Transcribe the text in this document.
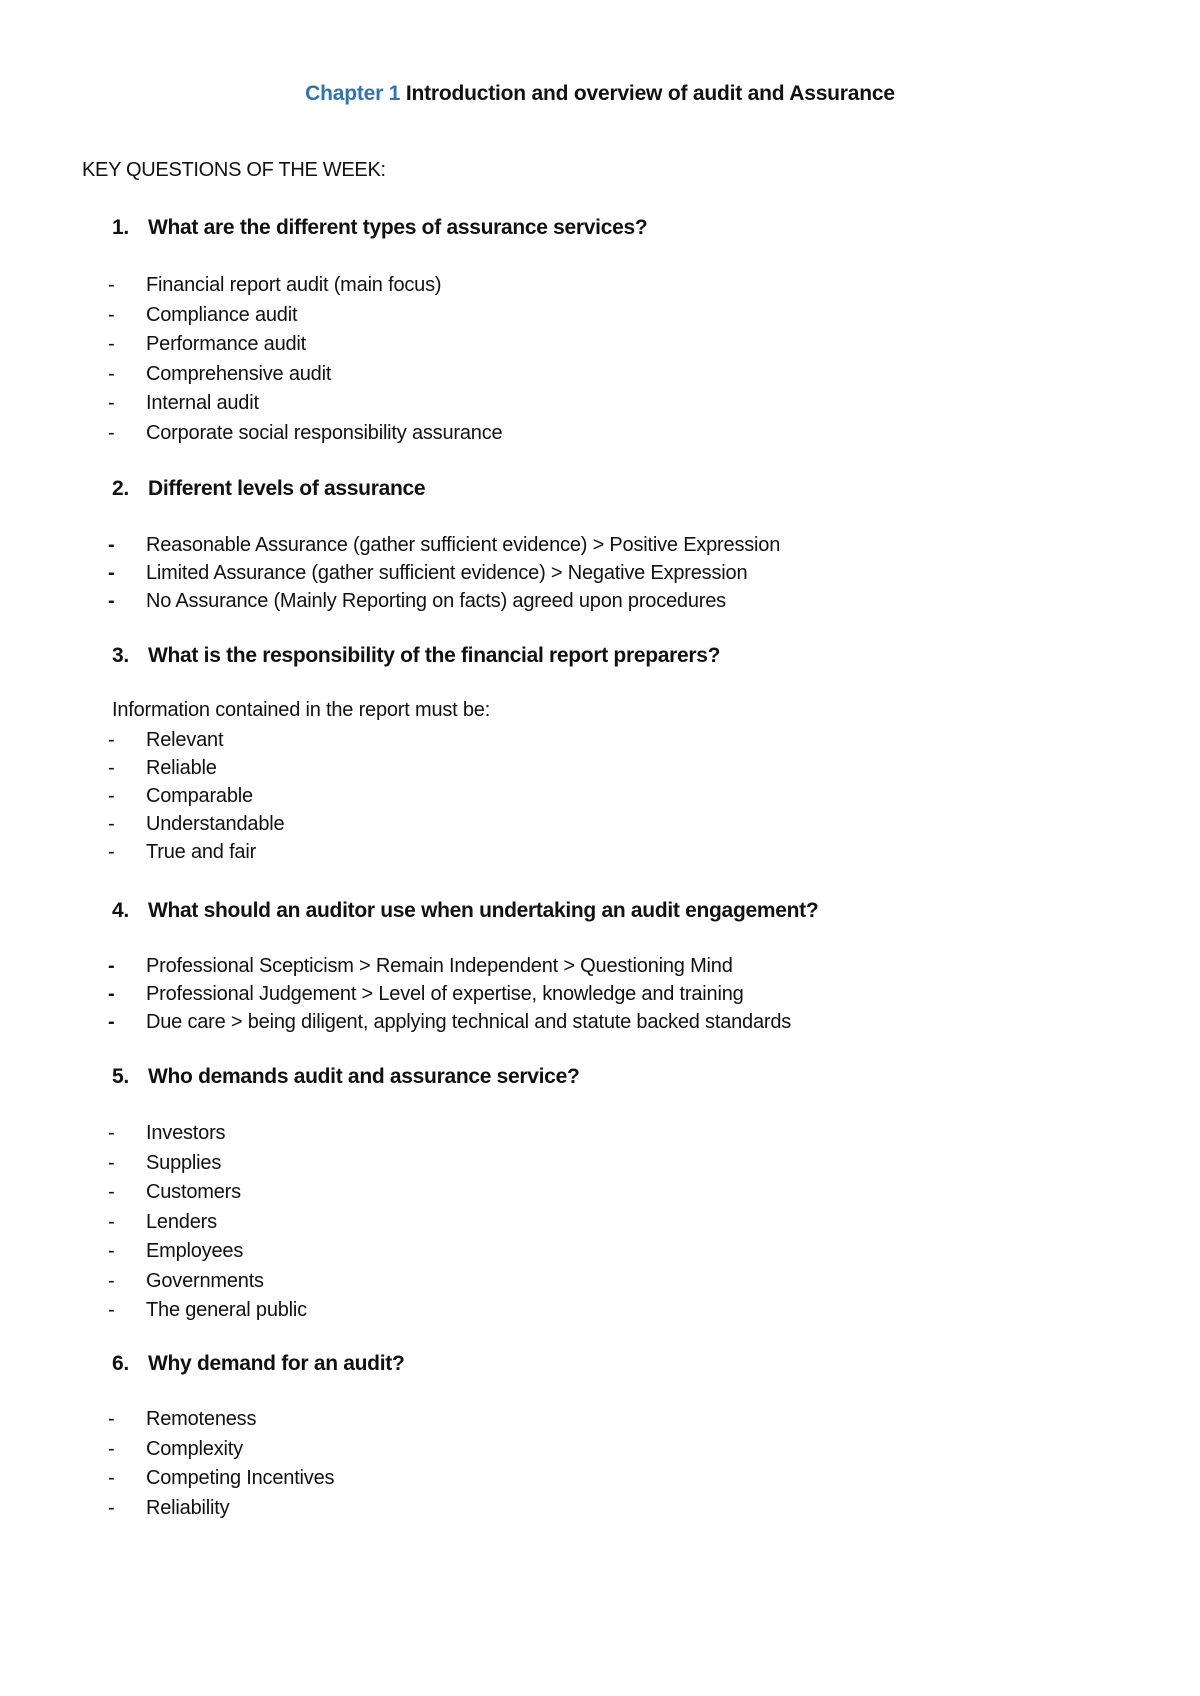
Chapter 1 Introduction and overview of audit and Assurance
KEY QUESTIONS OF THE WEEK:
1. What are the different types of assurance services?
-	Financial report audit (main focus)
-	Compliance audit
-	Performance audit
-	Comprehensive audit
-	Internal audit
-	Corporate social responsibility assurance
2. Different levels of assurance
-	Reasonable Assurance (gather sufficient evidence) > Positive Expression
-	Limited Assurance (gather sufficient evidence) > Negative Expression
-	No Assurance (Mainly Reporting on facts) agreed upon procedures
3. What is the responsibility of the financial report preparers?
Information contained in the report must be:
-	Relevant
-	Reliable
-	Comparable
-	Understandable
-	True and fair
4. What should an auditor use when undertaking an audit engagement?
-	Professional Scepticism > Remain Independent > Questioning Mind
-	Professional Judgement > Level of expertise, knowledge and training
-	Due care > being diligent, applying technical and statute backed standards
5. Who demands audit and assurance service?
-	Investors
-	Supplies
-	Customers
-	Lenders
-	Employees
-	Governments
-	The general public
6. Why demand for an audit?
-	Remoteness
-	Complexity
-	Competing Incentives
-	Reliability
